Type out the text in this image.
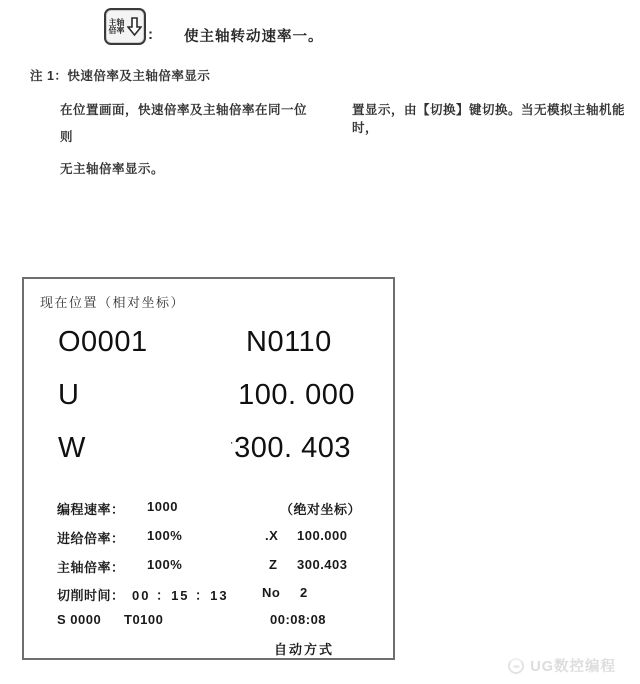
主轴
倍率 : 使主轴转动速率一。
注 1：快速倍率及主轴倍率显示
在位置画面，快速倍率及主轴倍率在同一位	置显示，由【切换】键切换。当无模拟主轴机能时，
则
无主轴倍率显示。
现在位置（相对坐标）
O0001	N0110
U	100. 000
W	·300. 403
编程速率： 1000	（绝对坐标）
进给倍率： 100%	.X 100.000
主轴倍率： 100%	Z 300.403
切削时间： 00 ：15 ：13	No 2
S 0000 T0100	00:08:08
自动方式
UG数控编程
